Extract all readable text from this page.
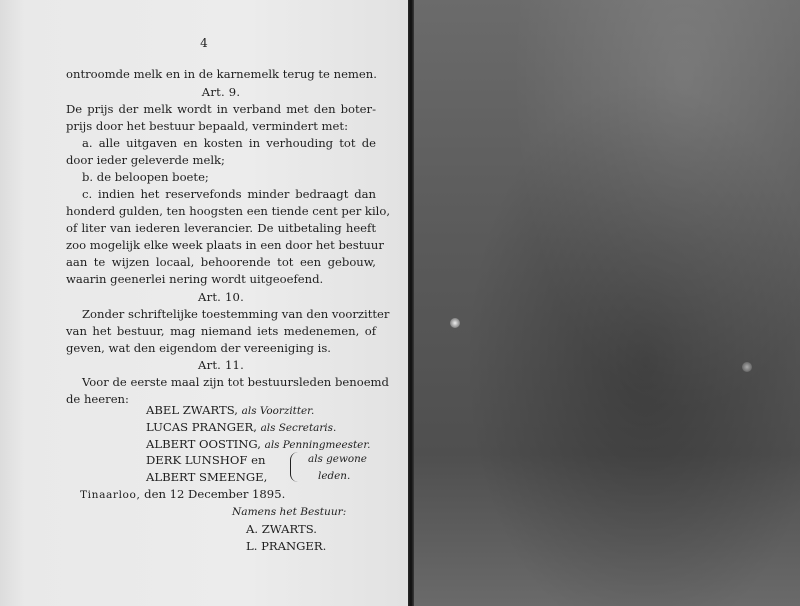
4
ontroomde melk en in de karnemelk terug te nemen.
Art. 9.
De prijs der melk wordt in verband met den boter-
prijs door het bestuur bepaald, vermindert met:
a. alle uitgaven en kosten in verhouding tot de
door ieder geleverde melk;
b. de beloopen boete;
c. indien het reservefonds minder bedraagt dan
honderd gulden, ten hoogsten een tiende cent per kilo,
of liter van iederen leverancier. De uitbetaling heeft
zoo mogelijk elke week plaats in een door het bestuur
aan te wijzen locaal, behoorende tot een gebouw,
waarin geenerlei nering wordt uitgeoefend.
Art. 10.
Zonder schriftelijke toestemming van den voorzitter
van het bestuur, mag niemand iets medenemen, of
geven, wat den eigendom der vereeniging is.
Art. 11.
Voor de eerste maal zijn tot bestuursleden benoemd
de heeren:
ABEL ZWARTS, als Voorzitter.
LUCAS PRANGER, als Secretaris.
ALBERT OOSTING, als Penningmeester.
DERK LUNSHOF en
ALBERT SMEENGE,
als gewone
leden.
Tinaarloo, den 12 December 1895.
Namens het Bestuur:
A. ZWARTS.
L. PRANGER.
